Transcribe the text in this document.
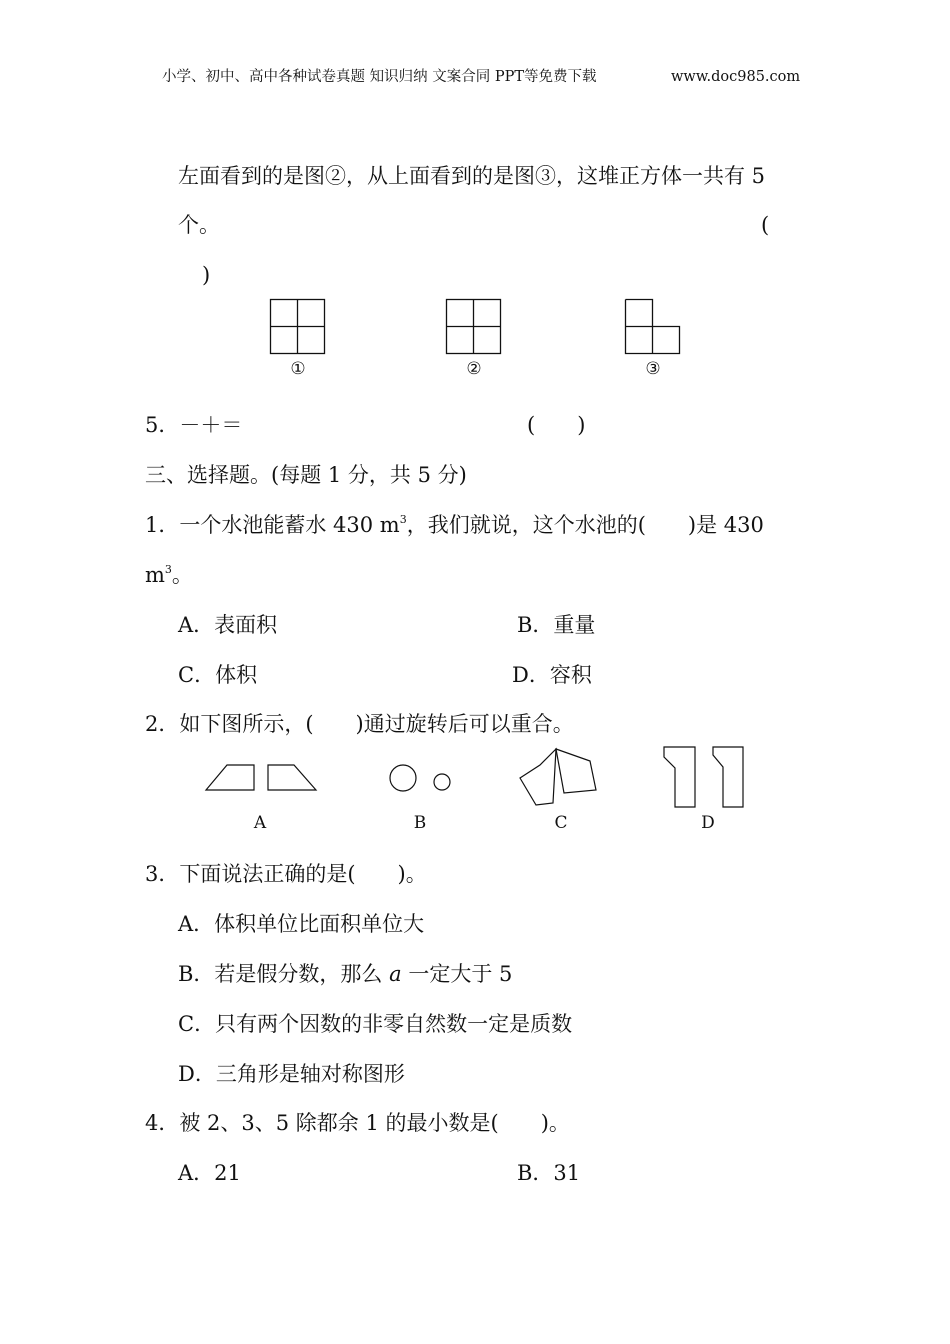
小学、初中、高中各种试卷真题 知识归纳 文案合同 PPT等免费下载	www.doc985.com
左面看到的是图②，从上面看到的是图③，这堆正方体一共有 5
个。	(
)
①	②	③
5．－＋＝	(　　)
三、选择题。(每题 1 分，共 5 分)
1．一个水池能蓄水 430 $m^3$，我们就说，这个水池的(　　)是 430
$m^3$。
A．表面积	B．重量
C．体积	D．容积
2．如下图所示，(　　)通过旋转后可以重合。
A	B	C	D
3．下面说法正确的是(　　)。
A．体积单位比面积单位大
B．若是假分数，那么 a 一定大于 5
C．只有两个因数的非零自然数一定是质数
D．三角形是轴对称图形
4．被 2、3、5 除都余 1 的最小数是(　　)。
A．21	B．31
